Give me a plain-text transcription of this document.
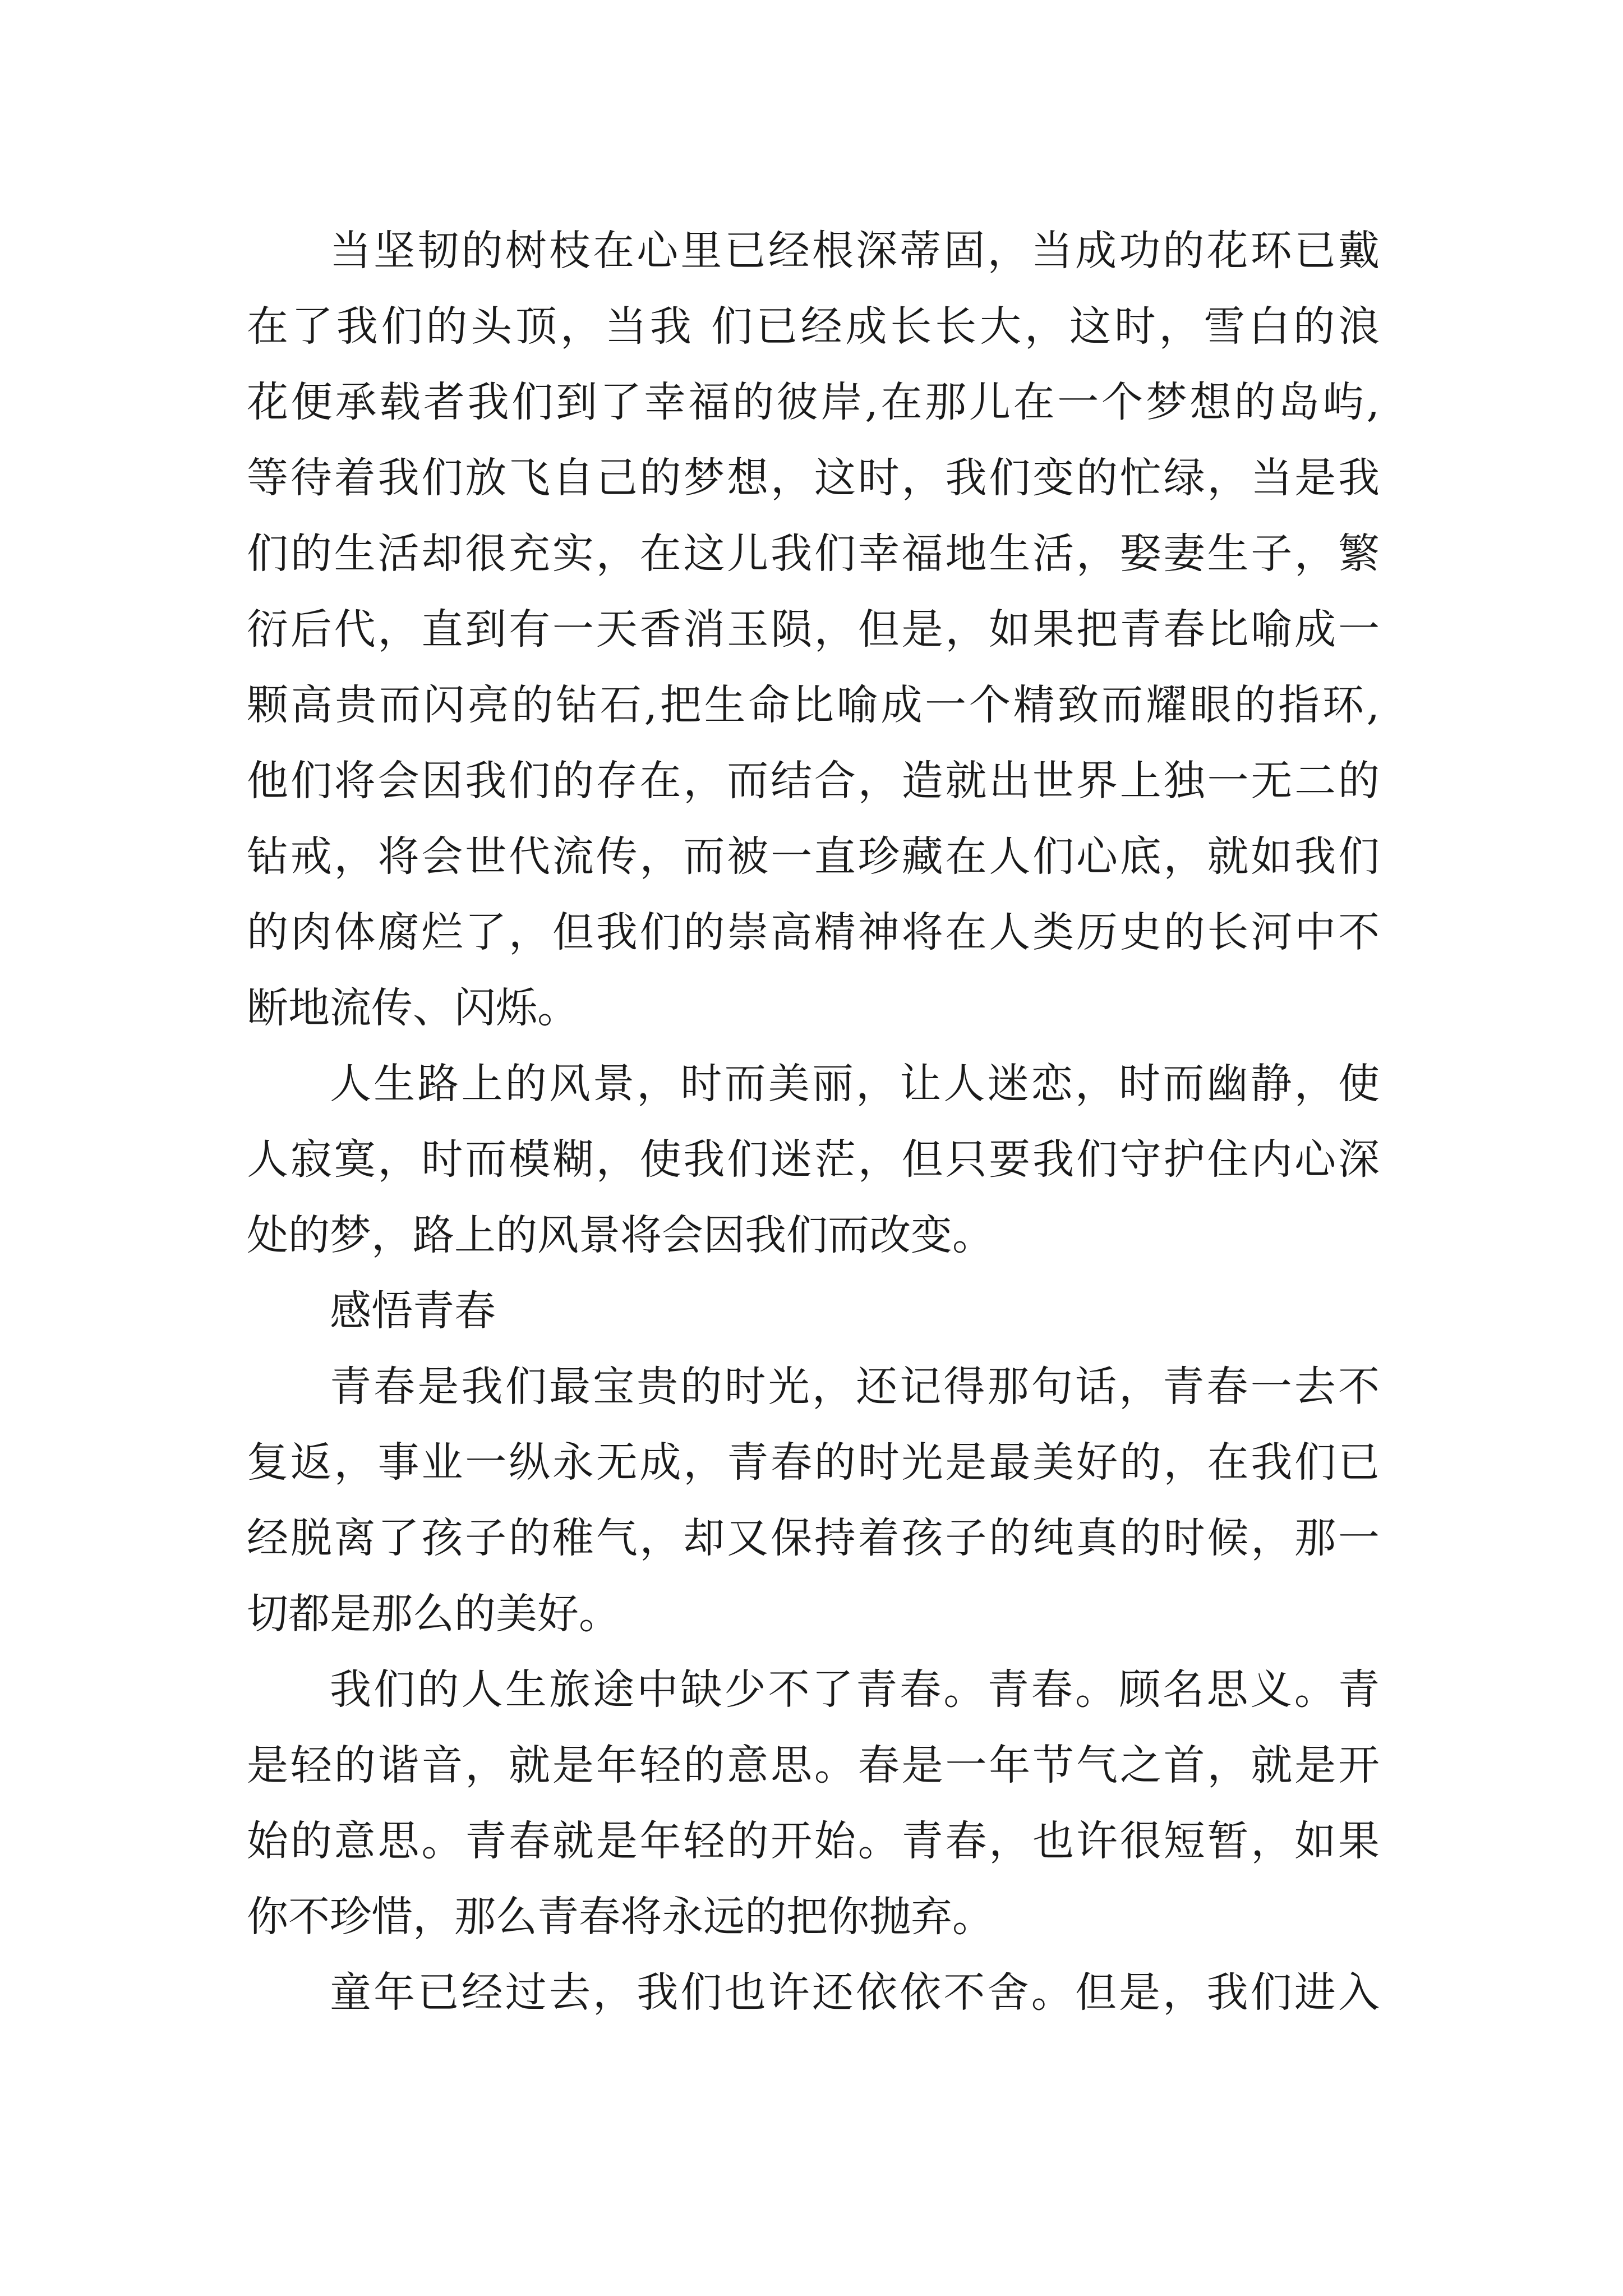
当坚韧的树枝在心里已经根深蒂固，当成功的花环已戴
在了我们的头顶，当我 们已经成长长大，这时，雪白的浪
花便承载者我们到了幸福的彼岸,在那儿在一个梦想的岛屿,
等待着我们放飞自己的梦想，这时，我们变的忙绿，当是我
们的生活却很充实，在这儿我们幸福地生活，娶妻生子，繁
衍后代，直到有一天香消玉陨，但是，如果把青春比喻成一
颗高贵而闪亮的钻石,把生命比喻成一个精致而耀眼的指环,
他们将会因我们的存在，而结合，造就出世界上独一无二的
钻戒，将会世代流传，而被一直珍藏在人们心底，就如我们
的肉体腐烂了，但我们的崇高精神将在人类历史的长河中不
断地流传、闪烁。
人生路上的风景，时而美丽，让人迷恋，时而幽静，使
人寂寞，时而模糊，使我们迷茫，但只要我们守护住内心深
处的梦，路上的风景将会因我们而改变。
感悟青春
青春是我们最宝贵的时光，还记得那句话，青春一去不
复返，事业一纵永无成，青春的时光是最美好的，在我们已
经脱离了孩子的稚气，却又保持着孩子的纯真的时候，那一
切都是那么的美好。
我们的人生旅途中缺少不了青春。青春。顾名思义。青
是轻的谐音，就是年轻的意思。春是一年节气之首，就是开
始的意思。青春就是年轻的开始。青春，也许很短暂，如果
你不珍惜，那么青春将永远的把你抛弃。
童年已经过去，我们也许还依依不舍。但是，我们进入
